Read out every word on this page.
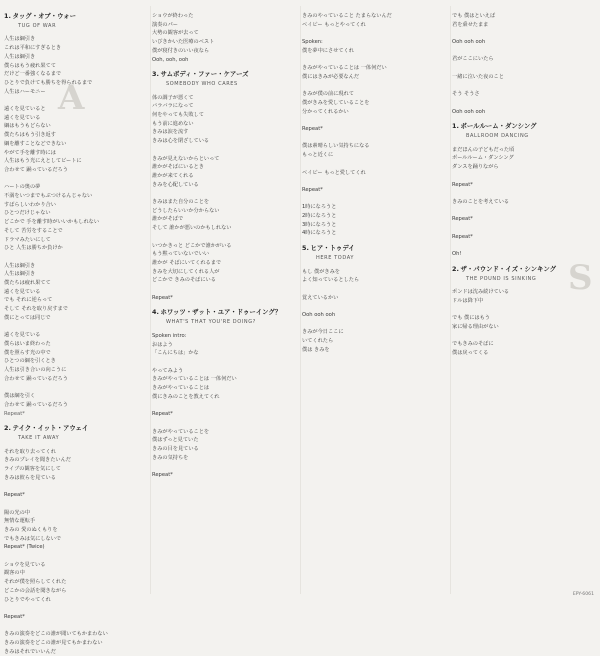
A
S
1. タッグ・オブ・ウォー
TUG OF WAR
人生は綱引き
これは平和にすぎるとき
人生は綱引き
僕らはもう疲れ果てて
だけど一番強くなるまで
ひとりで負けても勝ちを得られるまで
人生はハーモニー
遠くを見ていると
遠くを見ている
綱はもうもどらない
僕たちはもう引き返す
綱を離すことなどできない
やがて手を離す時には
人生はもう光にえとしてビートに
合わせて 踊っているだろう
ハートの奥の夢
不満をいつまでもぶつけるんじゃない
すばらしいわかり合い
ひとつだけじゃない
どこかで 手を離す時がいいかもしれない
そして 苦労をすることで
ドラマみたいにして
ひと 人生は勝ちか負けか
人生は綱引き
人生は綱引き
僕たちは疲れ果てて
遠くを見ている
でも それに逆らって
そして それを取り戻すまで
僕にとっては同じで
遠くを見ている
僕らはいま終わった
僕を照らす光の中で
ひとつの綱を引くとき
人生は引き合いの向こうに
合わせて 踊っているだろう
僕は綱を引く
合わせて 踊っているだろう
Repeat*
2. テイク・イット・アウェイ
TAKE IT AWAY
それを取り去ってくれ
きみのプレイを聞きたいんだ
ライブの観客を気にして
きみは彼らを見ている
Repeat*
陽の光の中
無情な運転手
きみの 愛のぬくもりを
でもきみは気にしないで
Repeat* (Twice)
ショウを見ている
観客の中
それが僕を照らしてくれた
どこかの会話を聞きながら
ひとりでやってくれ
Repeat*
きみの演奏をどこの誰が聞いてもかまわない
きみの演奏をどこの誰が見てもかまわない
きみはそれでいいんだ
ショウが終わった
演奏のパー
大勢の観客が去って
いびきかいた医療のベスト
僕が寝付きのいい夜なら
Ooh, ooh, ooh
3. サムボディ・ファー・ケアーズ
SOMEBODY WHO CARES
体の調子が悪くて
バラバラになって
何をやっても失敗して
もう前に進めない
きみは涙を流す
きみは心を閉ざしている
きみが見えないからといって
誰かがそばにいるとき
誰かが来てくれる
きみを心配している
きみはまた自分のことを
どうしたらいいか分からない
誰かがそばで
そして 誰かが悪いのかもしれない
いつかきっと どこかで誰かがいる
もう黙っていないでいい
誰かが そばにいてくれるまで
きみを大切にしてくれる人が
どこかで きみのそばにいる
Repeat*
4. ホワッツ・ザット・ユア・ドゥーイング？
WHAT'S THAT YOU'RE DOING?
Spoken intro:
おはよう
「こんにちは」かな
やってみよう
きみがやっていることは 一体何だい
きみがやっていることは
僕にきみのことを教えてくれ
Repeat*
きみがやっていることを
僕はずっと見ていた
きみの目を見ている
きみの気持ちを
Repeat*
きみのやっていること たまらないんだ
ベイビー もっとやってくれ
Spoken:
僕を夢中にさせてくれ
きみがやっていることは 一体何だい
僕にはきみが必要なんだ
きみが僕の前に現れて
僕がきみを愛していることを
分かってくれるかい
Repeat*
僕は素晴らしい気持ちになる
もっと近くに
ベイビー もっと愛してくれ
Repeat*
1時になろうと
2時になろうと
3時になろうと
4時になろうと
5. ヒア・トゥデイ
HERE TODAY
もし 僕がきみを
よく知っているとしたら
覚えているかい
Ooh ooh ooh
きみが今日ここに
いてくれたら
僕は きみを
でも 僕はといえば
君を乗せたまま
Ooh ooh ooh
君がここにいたら
一緒に泣いた夜のこと
そう そうさ
Ooh ooh ooh
1. ボールルーム・ダンシング
BALLROOM DANCING
まだほんの子どもだった頃
ボールルーム・ダンシング
ダンスを踊りながら
Repeat*
きみのことを考えている
Repeat*
Repeat*
Oh!
2. ザ・パウンド・イズ・シンキング
THE POUND IS SINKING
ポンドは沈み続けている
ドルは降下中
でも 僕にはもう
家に帰る理由がない
でもきみのそばに
僕は戻ってくる
EPY-6061
